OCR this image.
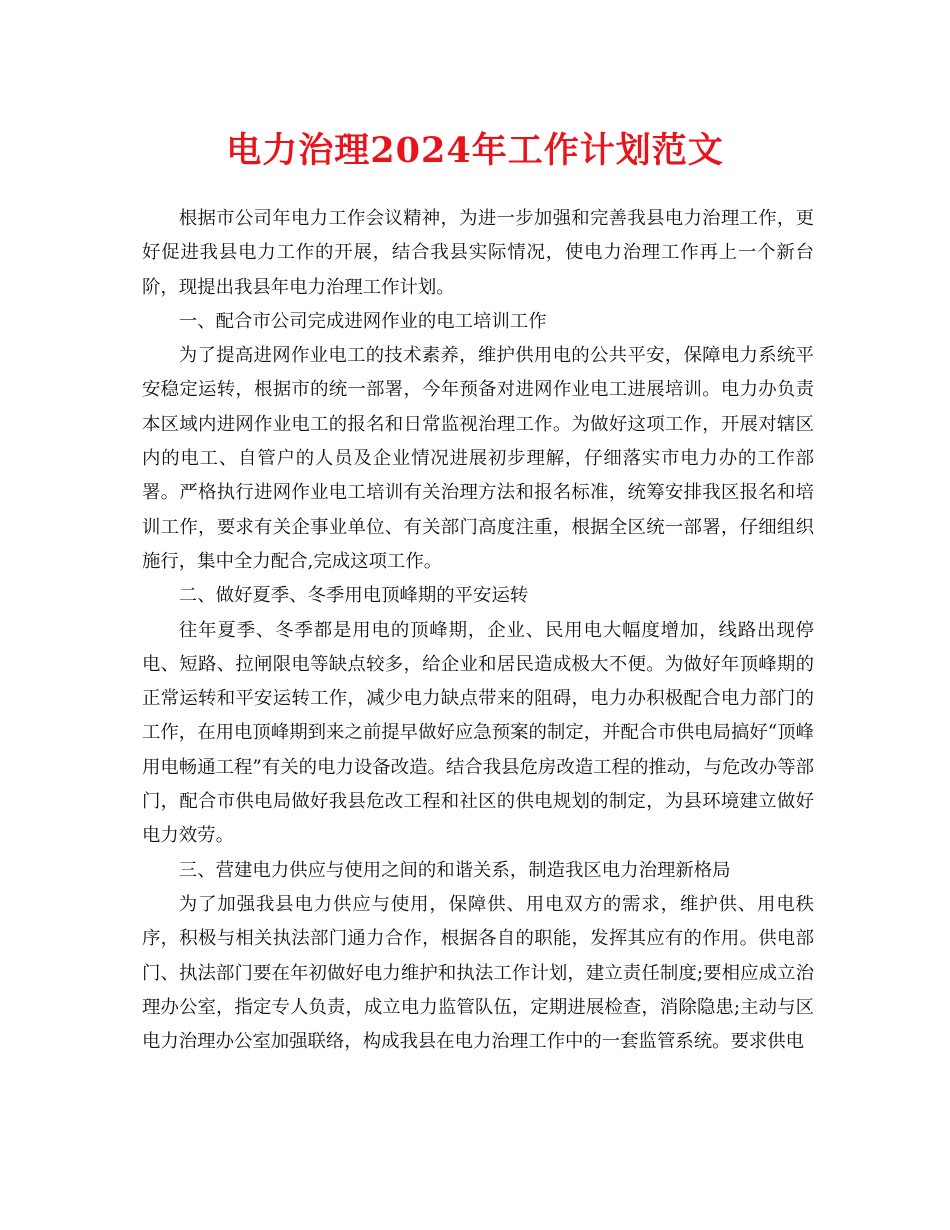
电力治理2024年工作计划范文

根据市公司年电力工作会议精神，为进一步加强和完善我县电力治理工作，更好促进我县电力工作的开展，结合我县实际情况，使电力治理工作再上一个新台阶，现提出我县年电力治理工作计划。

一、配合市公司完成进网作业的电工培训工作

为了提高进网作业电工的技术素养，维护供用电的公共平安，保障电力系统平安稳定运转，根据市的统一部署，今年预备对进网作业电工进展培训。电力办负责本区域内进网作业电工的报名和日常监视治理工作。为做好这项工作，开展对辖区内的电工、自管户的人员及企业情况进展初步理解，仔细落实市电力办的工作部署。严格执行进网作业电工培训有关治理方法和报名标准，统筹安排我区报名和培训工作，要求有关企事业单位、有关部门高度注重，根据全区统一部署，仔细组织施行，集中全力配合,完成这项工作。

二、做好夏季、冬季用电顶峰期的平安运转

往年夏季、冬季都是用电的顶峰期，企业、民用电大幅度增加，线路出现停电、短路、拉闸限电等缺点较多，给企业和居民造成极大不便。为做好年顶峰期的正常运转和平安运转工作，减少电力缺点带来的阻碍，电力办积极配合电力部门的工作，在用电顶峰期到来之前提早做好应急预案的制定，并配合市供电局搞好“顶峰用电畅通工程”有关的电力设备改造。结合我县危房改造工程的推动，与危改办等部门，配合市供电局做好我县危改工程和社区的供电规划的制定，为县环境建立做好电力效劳。

三、营建电力供应与使用之间的和谐关系，制造我区电力治理新格局

为了加强我县电力供应与使用，保障供、用电双方的需求，维护供、用电秩序，积极与相关执法部门通力合作，根据各自的职能，发挥其应有的作用。供电部门、执法部门要在年初做好电力维护和执法工作计划，建立责任制度;要相应成立治理办公室，指定专人负责，成立电力监管队伍，定期进展检查，消除隐患;主动与区电力治理办公室加强联络，构成我县在电力治理工作中的一套监管系统。要求供电
